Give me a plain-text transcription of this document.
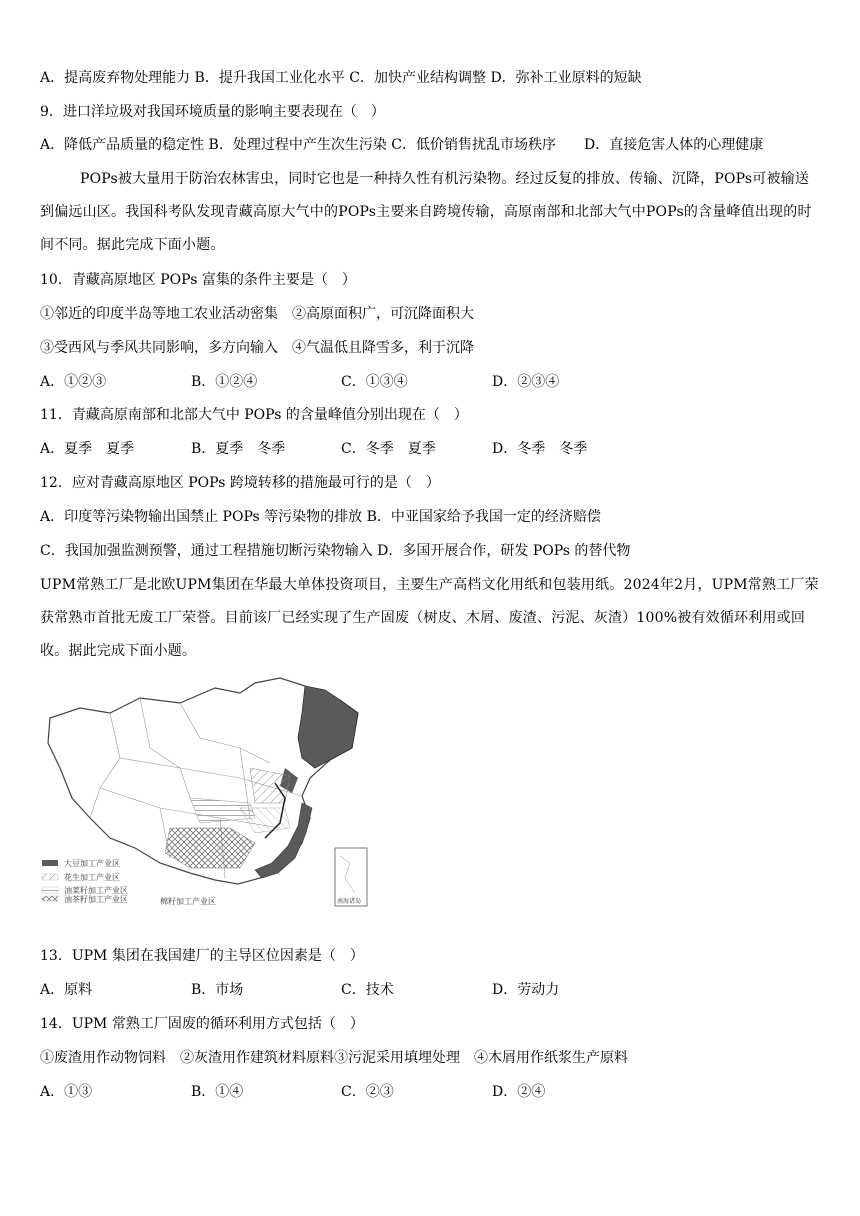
A．提高废弃物处理能力 B．提升我国工业化水平 C．加快产业结构调整 D．弥补工业原料的短缺
9．进口洋垃圾对我国环境质量的影响主要表现在（　）
A．降低产品质量的稳定性 B．处理过程中产生次生污染 C．低价销售扰乱市场秩序　　D．直接危害人体的心理健康
POPs被大量用于防治农林害虫，同时它也是一种持久性有机污染物。经过反复的排放、传输、沉降，POPs可被输送到偏远山区。我国科考队发现青藏高原大气中的POPs主要来自跨境传输，高原南部和北部大气中POPs的含量峰值出现的时间不同。据此完成下面小题。
10．青藏高原地区 POPs 富集的条件主要是（　）
①邻近的印度半岛等地工农业活动密集　②高原面积广，可沉降面积大
③受西风与季风共同影响，多方向输入　④气温低且降雪多，利于沉降
A．①②③	B．①②④	C．①③④	D．②③④
11．青藏高原南部和北部大气中 POPs 的含量峰值分别出现在（　）
A．夏季　夏季	B．夏季　冬季	C．冬季　夏季	D．冬季　冬季
12．应对青藏高原地区 POPs 跨境转移的措施最可行的是（　）
A．印度等污染物输出国禁止 POPs 等污染物的排放 B．中亚国家给予我国一定的经济赔偿
C．我国加强监测预警，通过工程措施切断污染物输入 D．多国开展合作，研发 POPs 的替代物
UPM常熟工厂是北欧UPM集团在华最大单体投资项目，主要生产高档文化用纸和包装用纸。2024年2月，UPM常熟工厂荣获常熟市首批无废工厂荣誉。目前该厂已经实现了生产固废（树皮、木屑、废渣、污泥、灰渣）100%被有效循环利用或回收。据此完成下面小题。
大豆加工产业区
花生加工产业区
油菜籽加工产业区
油茶籽加工产业区	棉籽加工产业区	南海诸岛
13．UPM 集团在我国建厂的主导区位因素是（　）
A．原料	B．市场	C．技术	D．劳动力
14．UPM 常熟工厂固废的循环利用方式包括（　）
①废渣用作动物饲料　②灰渣用作建筑材料原料③污泥采用填埋处理　④木屑用作纸浆生产原料
A．①③	B．①④	C．②③	D．②④
